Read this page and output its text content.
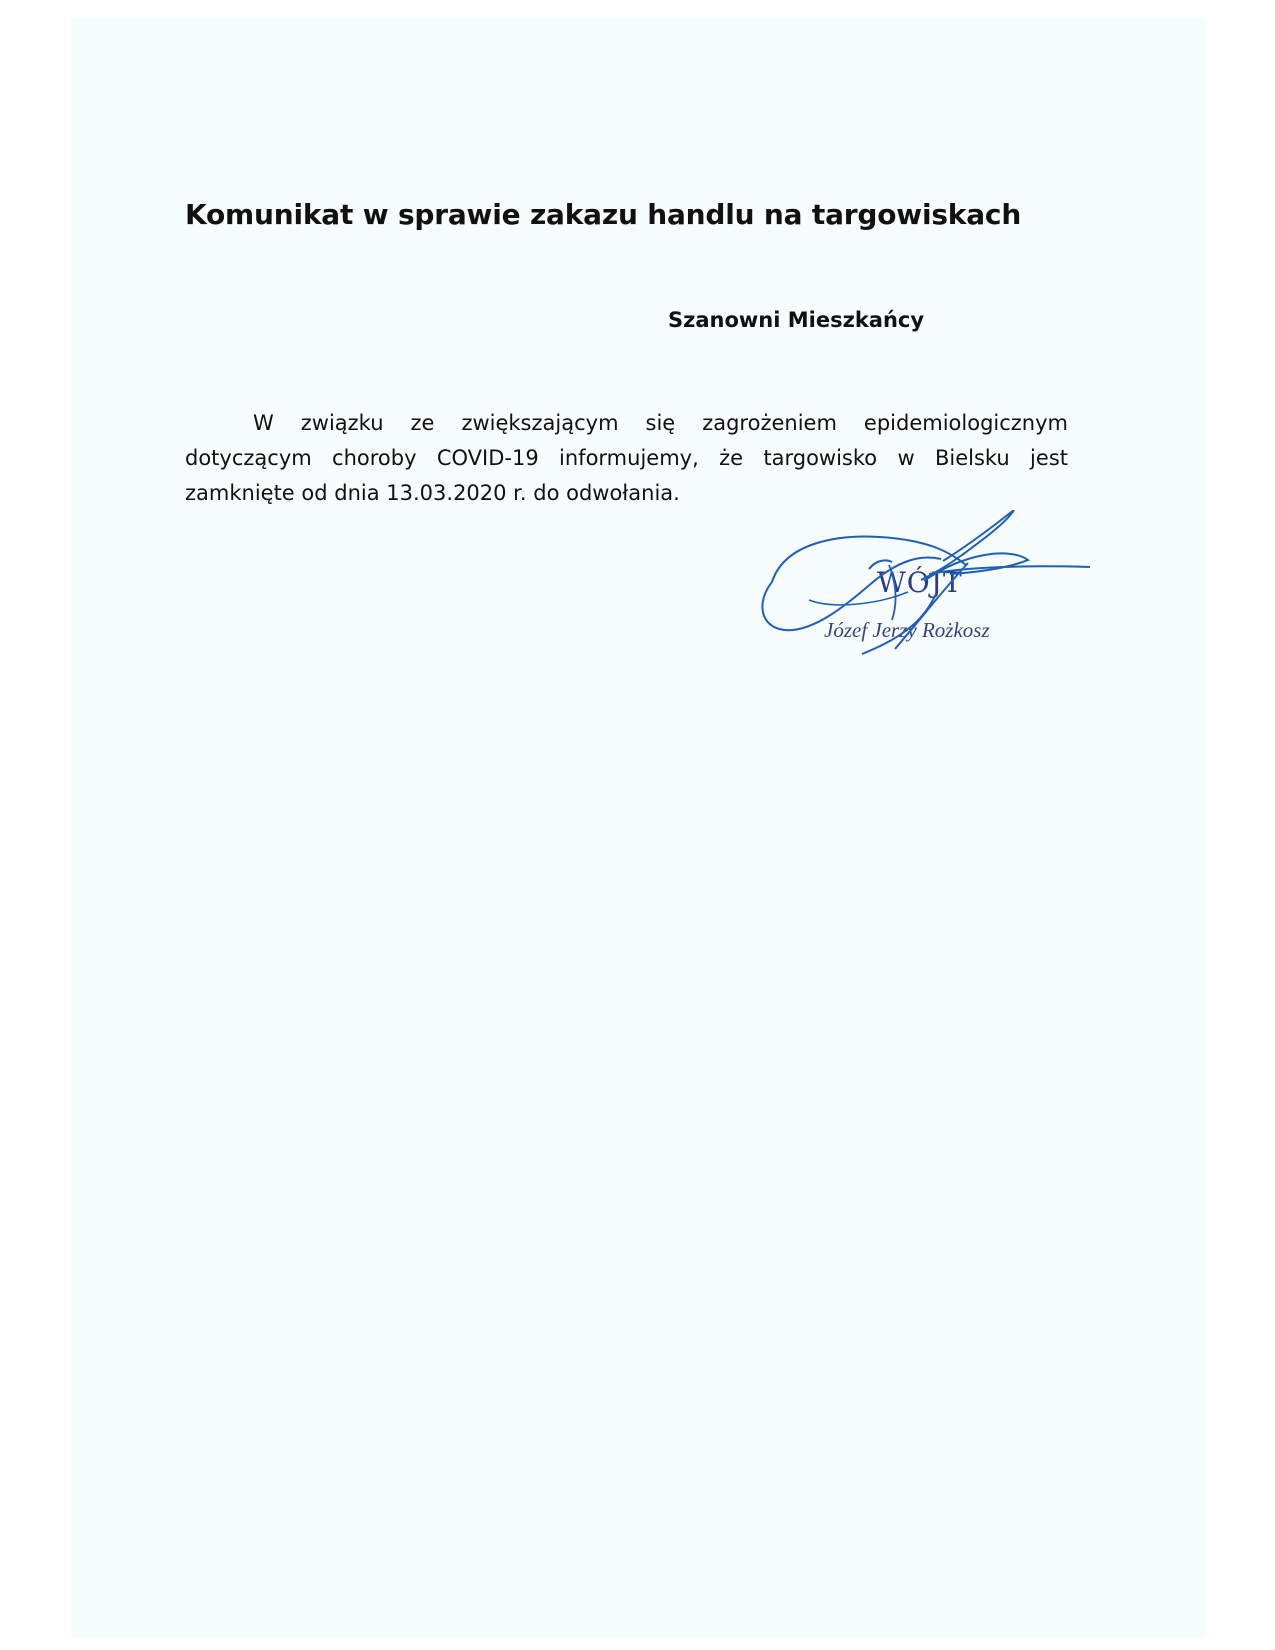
Komunikat w sprawie zakazu handlu na targowiskach

Szanowni Mieszkańcy

W związku ze zwiększającym się zagrożeniem epidemiologicznym dotyczącym choroby COVID-19 informujemy, że targowisko w Bielsku jest zamknięte od dnia 13.03.2020 r. do odwołania.

WÓJT
Józef Jerzy Rożkosz
